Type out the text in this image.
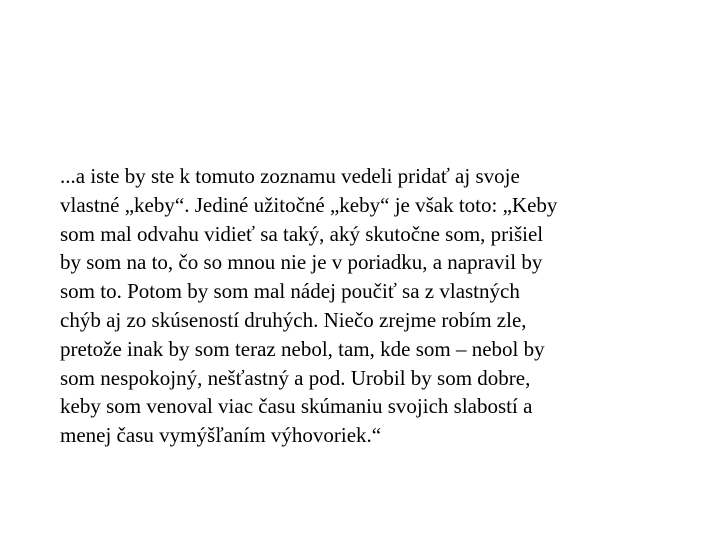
...a iste by ste k tomuto zoznamu vedeli pridať aj svoje
vlastné „keby“. Jediné užitočné „keby“ je však toto: „Keby
som mal odvahu vidieť sa taký, aký skutočne som, prišiel
by som na to, čo so mnou nie je v poriadku, a napravil by
som to. Potom by som mal nádej poučiť sa z vlastných
chýb aj zo skúseností druhých. Niečo zrejme robím zle,
pretože inak by som teraz nebol, tam, kde som – nebol by
som nespokojný, nešťastný a pod. Urobil by som dobre,
keby som venoval viac času skúmaniu svojich slabostí a
menej času vymýšľaním výhovoriek.“
